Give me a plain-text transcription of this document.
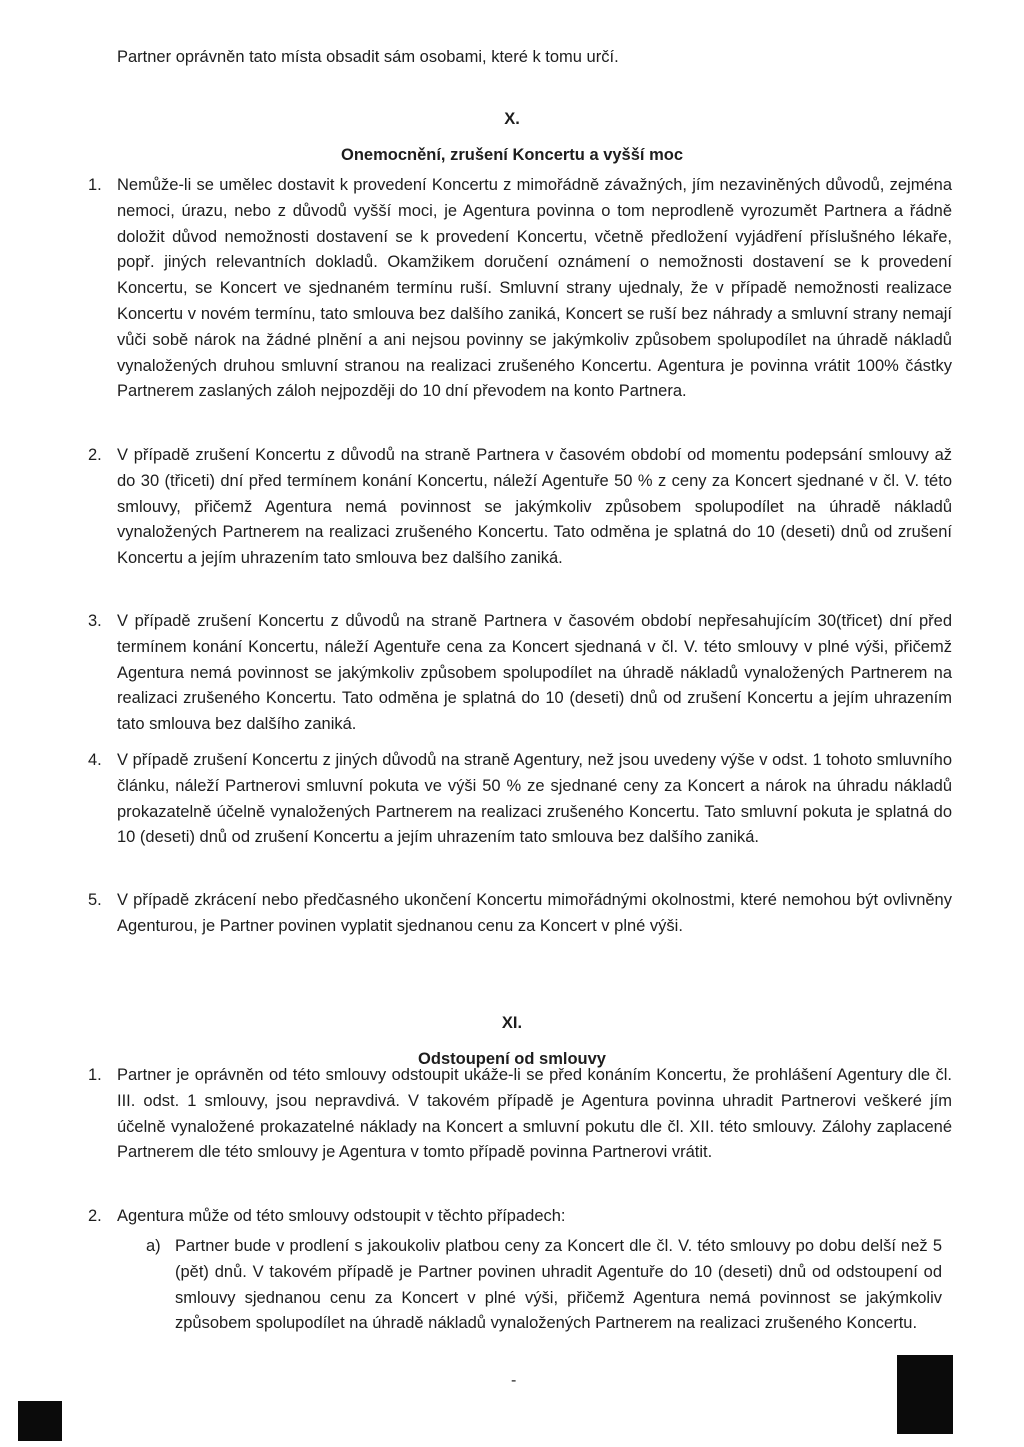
Partner oprávněn tato místa obsadit sám osobami, které k tomu určí.

X.
Onemocnění, zrušení Koncertu a vyšší moc
1. Nemůže-li se umělec dostavit k provedení Koncertu z mimořádně závažných, jím nezaviněných důvodů, zejména nemoci, úrazu, nebo z důvodů vyšší moci, je Agentura povinna o tom neprodleně vyrozumět Partnera a řádně doložit důvod nemožnosti dostavení se k provedení Koncertu, včetně předložení vyjádření příslušného lékaře, popř. jiných relevantních dokladů. Okamžikem doručení oznámení o nemožnosti dostavení se k provedení Koncertu, se Koncert ve sjednaném termínu ruší. Smluvní strany ujednaly, že v případě nemožnosti realizace Koncertu v novém termínu, tato smlouva bez dalšího zaniká, Koncert se ruší bez náhrady a smluvní strany nemají vůči sobě nárok na žádné plnění a ani nejsou povinny se jakýmkoliv způsobem spolupodílet na úhradě nákladů vynaložených druhou smluvní stranou na realizaci zrušeného Koncertu. Agentura je povinna vrátit 100% částky Partnerem zaslaných záloh nejpozději do 10 dní převodem na konto Partnera.
2. V případě zrušení Koncertu z důvodů na straně Partnera v časovém období od momentu podepsání smlouvy až do 30 (třiceti) dní před termínem konání Koncertu, náleží Agentuře 50 % z ceny za Koncert sjednané v čl. V. této smlouvy, přičemž Agentura nemá povinnost se jakýmkoliv způsobem spolupodílet na úhradě nákladů vynaložených Partnerem na realizaci zrušeného Koncertu. Tato odměna je splatná do 10 (deseti) dnů od zrušení Koncertu a jejím uhrazením tato smlouva bez dalšího zaniká.
3. V případě zrušení Koncertu z důvodů na straně Partnera v časovém období nepřesahujícím 30(třicet) dní před termínem konání Koncertu, náleží Agentuře cena za Koncert sjednaná v čl. V. této smlouvy v plné výši, přičemž Agentura nemá povinnost se jakýmkoliv způsobem spolupodílet na úhradě nákladů vynaložených Partnerem na realizaci zrušeného Koncertu. Tato odměna je splatná do 10 (deseti) dnů od zrušení Koncertu a jejím uhrazením tato smlouva bez dalšího zaniká.
4. V případě zrušení Koncertu z jiných důvodů na straně Agentury, než jsou uvedeny výše v odst. 1 tohoto smluvního článku, náleží Partnerovi smluvní pokuta ve výši 50 % ze sjednané ceny za Koncert a nárok na úhradu nákladů prokazatelně účelně vynaložených Partnerem na realizaci zrušeného Koncertu. Tato smluvní pokuta je splatná do 10 (deseti) dnů od zrušení Koncertu a jejím uhrazením tato smlouva bez dalšího zaniká.
5. V případě zkrácení nebo předčasného ukončení Koncertu mimořádnými okolnostmi, které nemohou být ovlivněny Agenturou, je Partner povinen vyplatit sjednanou cenu za Koncert v plné výši.
XI.
Odstoupení od smlouvy
1. Partner je oprávněn od této smlouvy odstoupit ukáže-li se před konáním Koncertu, že prohlášení Agentury dle čl. III. odst. 1 smlouvy, jsou nepravdivá. V takovém případě je Agentura povinna uhradit Partnerovi veškeré jím účelně vynaložené prokazatelné náklady na Koncert a smluvní pokutu dle čl. XII. této smlouvy. Zálohy zaplacené Partnerem dle této smlouvy je Agentura v tomto případě povinna Partnerovi vrátit.
2. Agentura může od této smlouvy odstoupit v těchto případech:
a) Partner bude v prodlení s jakoukoliv platbou ceny za Koncert dle čl. V. této smlouvy po dobu delší než 5 (pět) dnů. V takovém případě je Partner povinen uhradit Agentuře do 10 (deseti) dnů od odstoupení od smlouvy sjednanou cenu za Koncert v plné výši, přičemž Agentura nemá povinnost se jakýmkoliv způsobem spolupodílet na úhradě nákladů vynaložených Partnerem na realizaci zrušeného Koncertu.
-
